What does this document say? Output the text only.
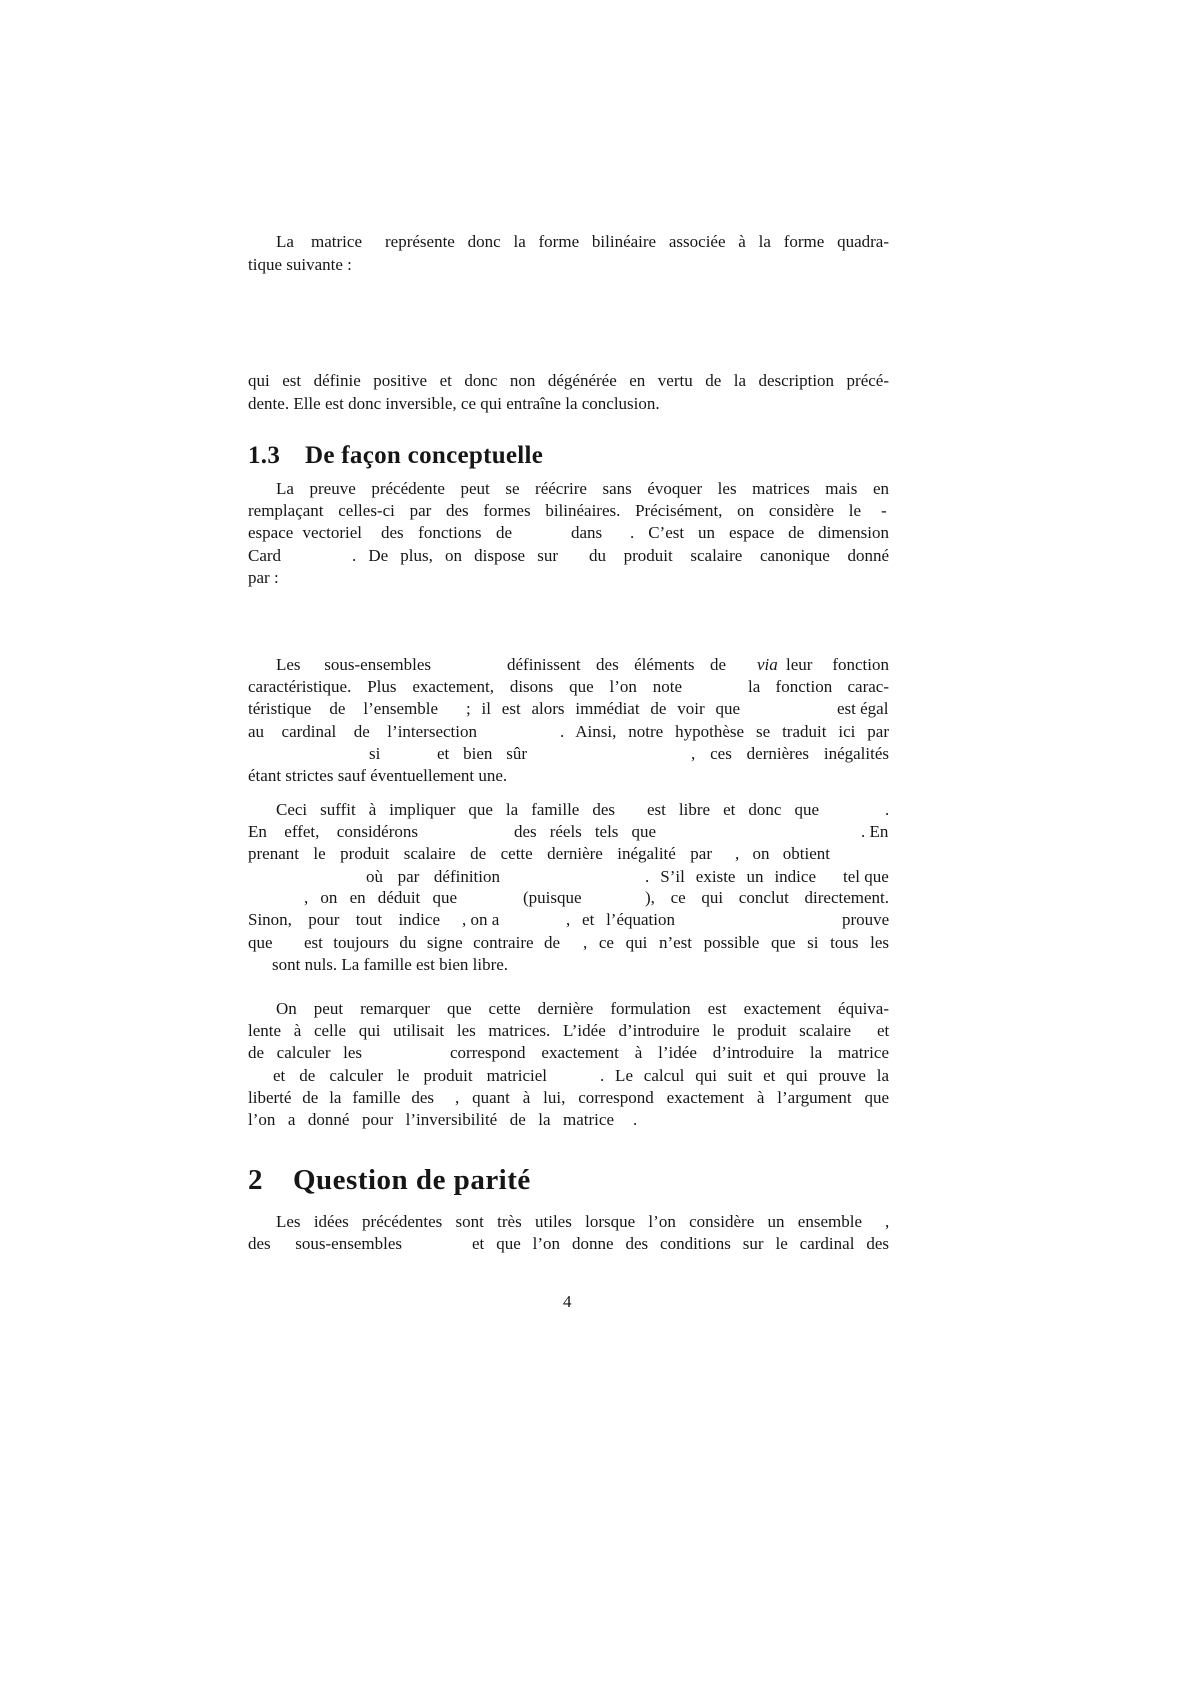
La matrice représente donc la forme bilinéaire associée à la forme quadra-
tique suivante :
qui est définie positive et donc non dégénérée en vertu de la description précé-
dente. Elle est donc inversible, ce qui entraîne la conclusion.
1.3 De façon conceptuelle
La preuve précédente peut se réécrire sans évoquer les matrices mais en
remplaçant celles-ci par des formes bilinéaires. Précisément, on considère le -
espace vectoriel des fonctions de	dans . C’est un espace de dimension
Card	. De plus, on dispose sur du produit scalaire canonique donné
par :
Les sous-ensembles	définissent des éléments de via leur fonction
caractéristique. Plus exactement, disons que l’on note	la fonction carac-
téristique de l’ensemble ; il est alors immédiat de voir que	est égal
au cardinal de l’intersection	. Ainsi, notre hypothèse se traduit ici par
si	et bien sûr	, ces dernières inégalités
étant strictes sauf éventuellement une.
Ceci suffit à impliquer que la famille des est libre et donc que	.
En effet, considérons	des réels tels que	. En
prenant le produit scalaire de cette dernière inégalité par , on obtient
où par définition	. S’il existe un indice tel que
, on en déduit que	(puisque	), ce qui conclut directement.
Sinon, pour tout indice , on a	, et l’équation	prouve
que est toujours du signe contraire de , ce qui n’est possible que si tous les
sont nuls. La famille est bien libre.
On peut remarquer que cette dernière formulation est exactement équiva-
lente à celle qui utilisait les matrices. L’idée d’introduire le produit scalaire et
de calculer les	correspond exactement à l’idée d’introduire la matrice
et de calculer le produit matriciel	. Le calcul qui suit et qui prouve la
liberté de la famille des , quant à lui, correspond exactement à l’argument que
l’on a donné pour l’inversibilité de la matrice .
2 Question de parité
Les idées précédentes sont très utiles lorsque l’on considère un ensemble ,
des sous-ensembles	et que l’on donne des conditions sur le cardinal des
4
